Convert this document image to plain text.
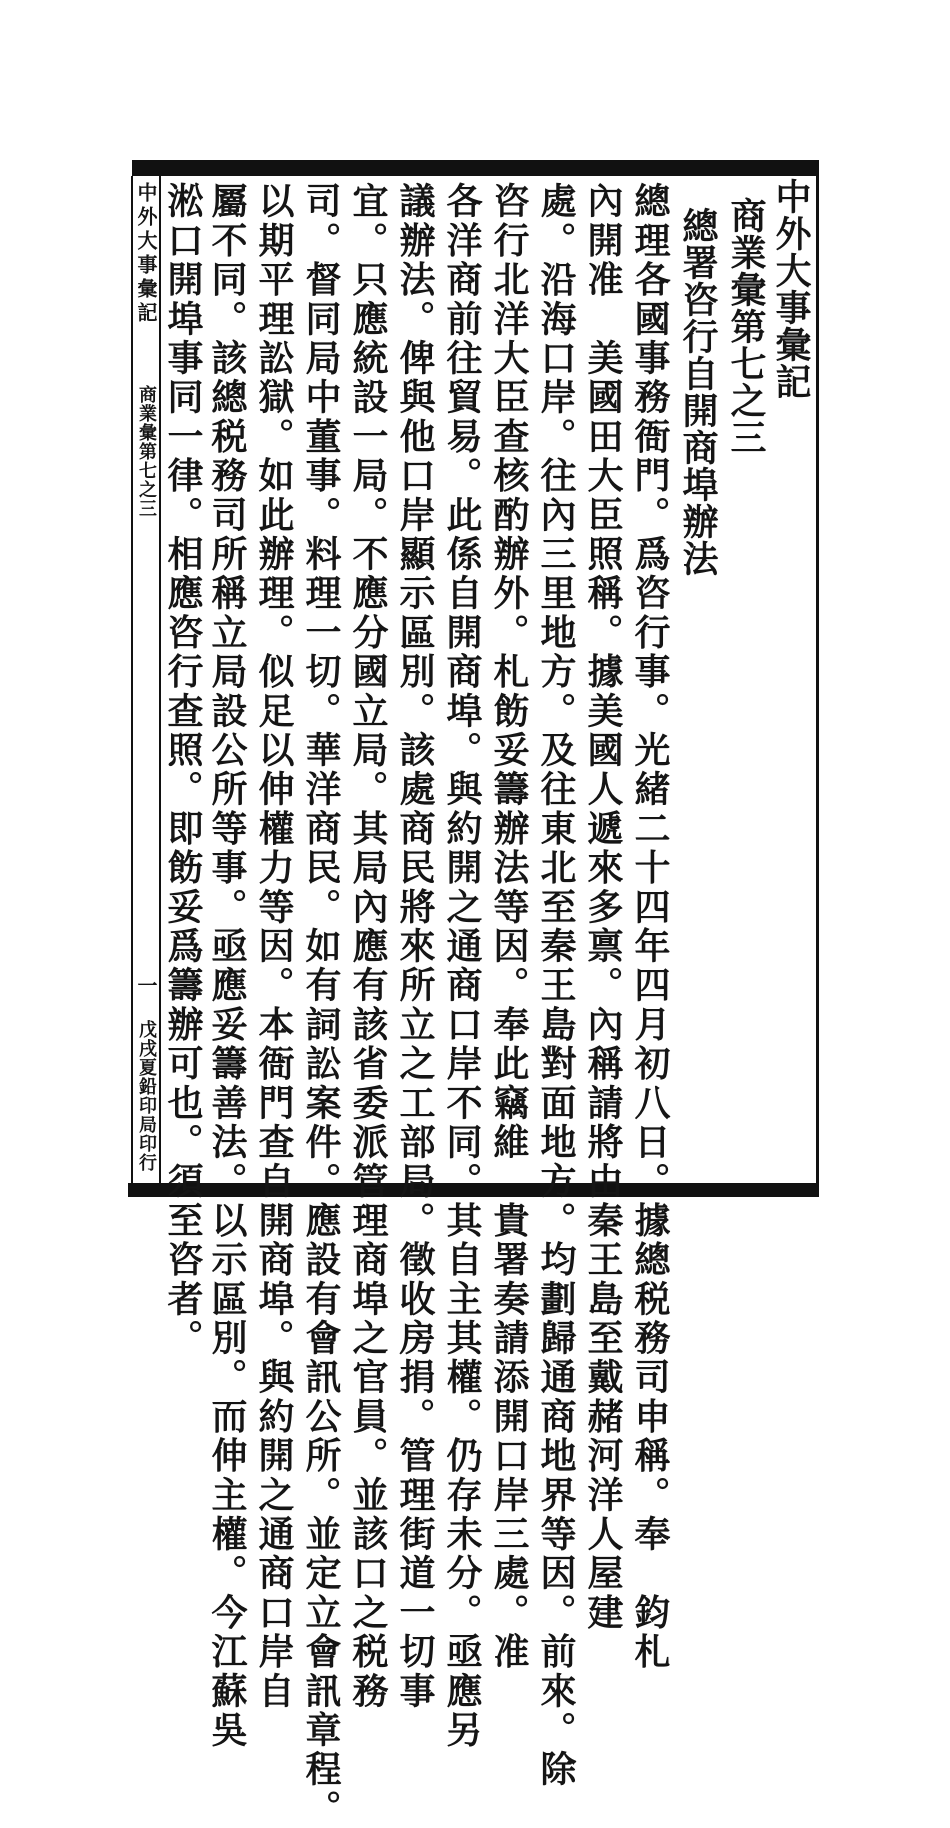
中外大事彙記
商業彙第七之三
總署咨行自開商埠辦法
總理各國事務衙門。爲咨行事。光緒二十四年四月初八日。據總税務司申稱。奉　鈞札
內開准　美國田大臣照稱。據美國人遞來多禀。內稱請將由秦王島至戴赭河洋人屋建
處。沿海口岸。往內三里地方。及往東北至秦王島對面地方。均劃歸通商地界等因。前來。除
咨行北洋大臣查核酌辦外。札飭妥籌辦法等因。奉此竊維　貴署奏請添開口岸三處。准
各洋商前往貿易。此係自開商埠。與約開之通商口岸不同。其自主其權。仍存未分。亟應另
議辦法。俾與他口岸顯示區別。該處商民將來所立之工部局。徵收房捐。管理街道一切事
宜。只應統設一局。不應分國立局。其局內應有該省委派管理商埠之官員。並該口之税務
司。督同局中董事。料理一切。華洋商民。如有詞訟案件。應設有會訊公所。並定立會訊章程。
以期平理訟獄。如此辦理。似足以伸權力等因。本衙門查自開商埠。與約開之通商口岸自
屬不同。該總税務司所稱立局設公所等事。亟應妥籌善法。以示區別。而伸主權。今江蘇吳
淞口開埠事同一律。相應咨行查照。即飭妥爲籌辦可也。須至咨者。
中外大事彙記
商業彙第七之三
一
戊戌夏鉛印局印行
